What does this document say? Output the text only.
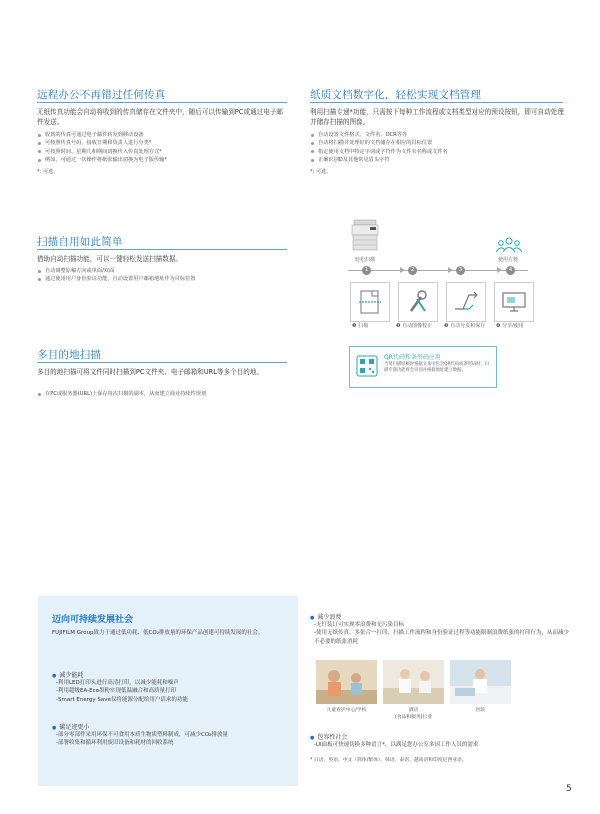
远程办公不再错过任何传真
无纸传真功能会自动将收到的传真储存在文件夹中，随后可以传输到PC或通过电子邮件发送。
收到的传真可通过电子邮件转发到移动设备
可按照传真号码、接收日期和负责人进行分类*
可按照时间、星期几和期间切换传入传真处理方式*
例如，可通过一次操作将纸张输出切换为电子版传输*
*: 可选。
纸质文档数字化，轻松实现文档管理
利用扫描专递*功能，只需按下每种工作流程或文档类型对应的预设按钮，即可自动处理并储存扫描的图像。
自动设置文件格式、文件名、OCR等等
自动将扫描并处理好的文档储存在相应的目标位置
指定使用文档中特定字词或字符作为文件夹名称或文件名
正确识别D及其他常见眉头字符
*: 可选。
扫描自用如此简单
借助自动扫描功能，可以一键轻松发送扫描数据。
自动调整原稿方向或单面/双面
通过使用用户身份验证功能，自动设置用户邮箱地址作为目标位置
轻松扫描	使用方便
1	2	3	4
❶ 扫描	❷ 自动图像校正 ❸ 自动分页和保存 ❹ 分享/使用
多目的地扫描
多目的地扫描可将文件同时扫描到PC文件夹、电子邮箱和URL等多个目的地。
在PC或服务器(URL)上保存每次扫描的副本，从而建立商业持续性规划
QR代码和条形码应用
当用扫描原稿时根据文本中包含QR代码或条形码时，扫描专递功能将会识别并根据地址建立数据。
迈向可持续发展社会
FUJIFILM Group致力于通过低功耗、低CO₂排放量的环保产品创建可持续发展的社会。
● 减少能耗
-利用LED打印头进行高清打印，以减少能耗和噪声
-利用超级EA-Eco墨粉实现低温融合和高质量打印
-Smart Energy Save仅将能源分配给用户请求的功能
● 碳足迹更小
-部分零部件采用环保不可食用本质生物质塑料制成，可减少CO₂排放量
-部署收集和循环利用废旧设备和耗材的回收系统
● 减少浪费
-无钉装订可实现零浪费和无污染目标
-使用无纸传真、多张合一打印、扫描工作流程和身份验证过程等功能限制浪费纸张的打印行为，从而减少不必要的纸张消耗
儿童看护中心/学校	酒店
(食品和服务)行业
医院
● 包容性社会
-UI面板可快速切换多种语言*，以满足您办公室多国工作人员的需求
* 日语、英语、中文（简体/繁体）、韩语、泰语、越南语和印度尼西亚语。
5
